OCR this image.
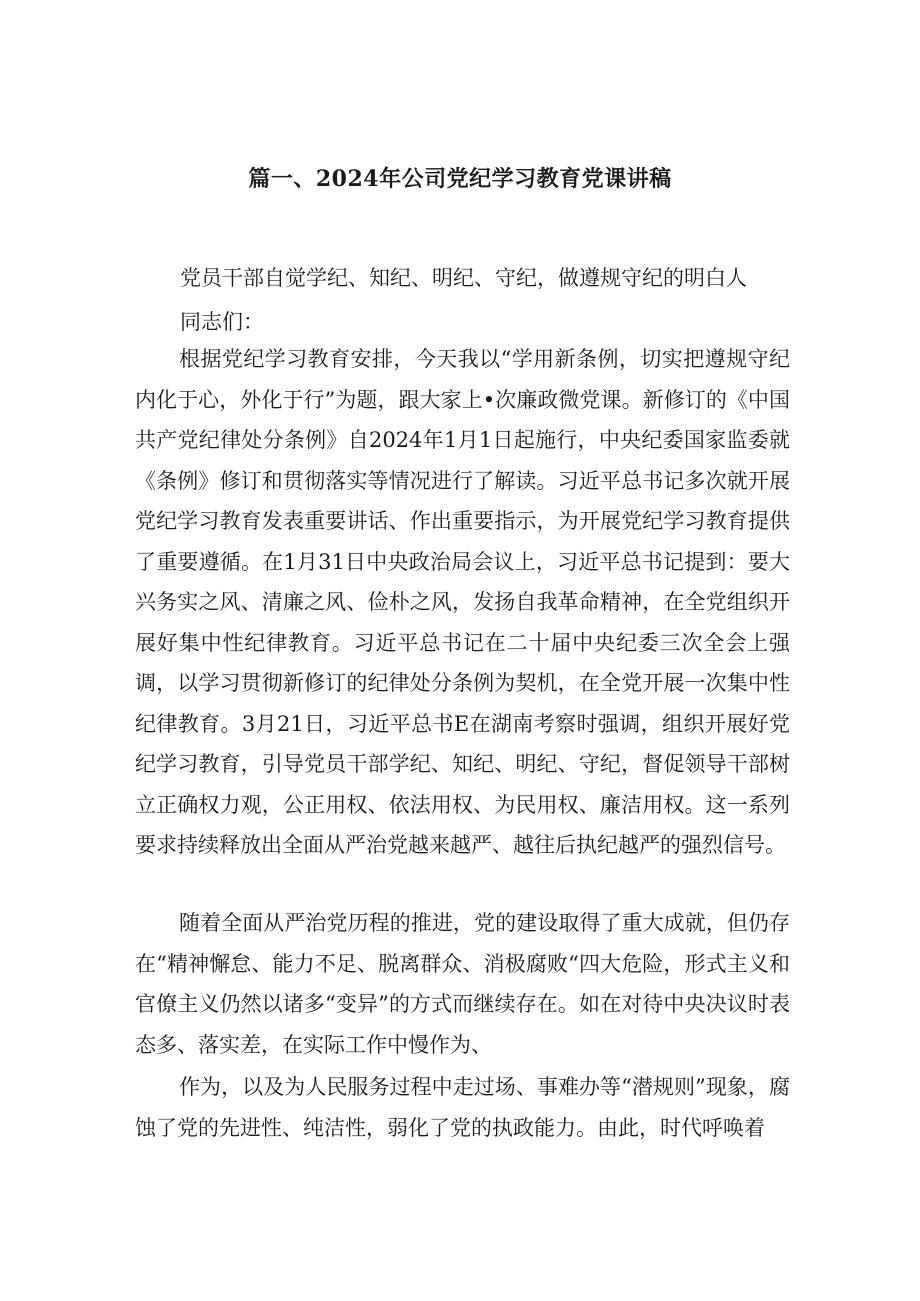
篇一、2024年公司党纪学习教育党课讲稿
党员干部自觉学纪、知纪、明纪、守纪，做遵规守纪的明白人
同志们：

根据党纪学习教育安排，今天我以“学用新条例，切实把遵规守纪内化于心，外化于行”为题，跟大家上•次廉政微党课。新修订的《中国共产党纪律处分条例》自2024年1月1日起施行，中央纪委国家监委就《条例》修订和贯彻落实等情况进行了解读。习近平总书记多次就开展党纪学习教育发表重要讲话、作出重要指示，为开展党纪学习教育提供了重要遵循。在1月31日中央政治局会议上，习近平总书记提到：要大兴务实之风、清廉之风、俭朴之风，发扬自我革命精神，在全党组织开展好集中性纪律教育。习近平总书记在二十届中央纪委三次全会上强调，以学习贯彻新修订的纪律处分条例为契机，在全党开展一次集中性纪律教育。3月21日，习近平总书E在湖南考察时强调，组织开展好党纪学习教育，引导党员干部学纪、知纪、明纪、守纪，督促领导干部树立正确权力观，公正用权、依法用权、为民用权、廉洁用权。这一系列要求持续释放出全面从严治党越来越严、越往后执纪越严的强烈信号。

随着全面从严治党历程的推进，党的建设取得了重大成就，但仍存在“精神懈怠、能力不足、脱离群众、消极腐败“四大危险，形式主义和官僚主义仍然以诸多“变异”的方式而继续存在。如在对待中央决议时表态多、落实差，在实际工作中慢作为、

作为，以及为人民服务过程中走过场、事难办等“潜规则”现象，腐蚀了党的先进性、纯洁性，弱化了党的执政能力。由此，时代呼唤着
